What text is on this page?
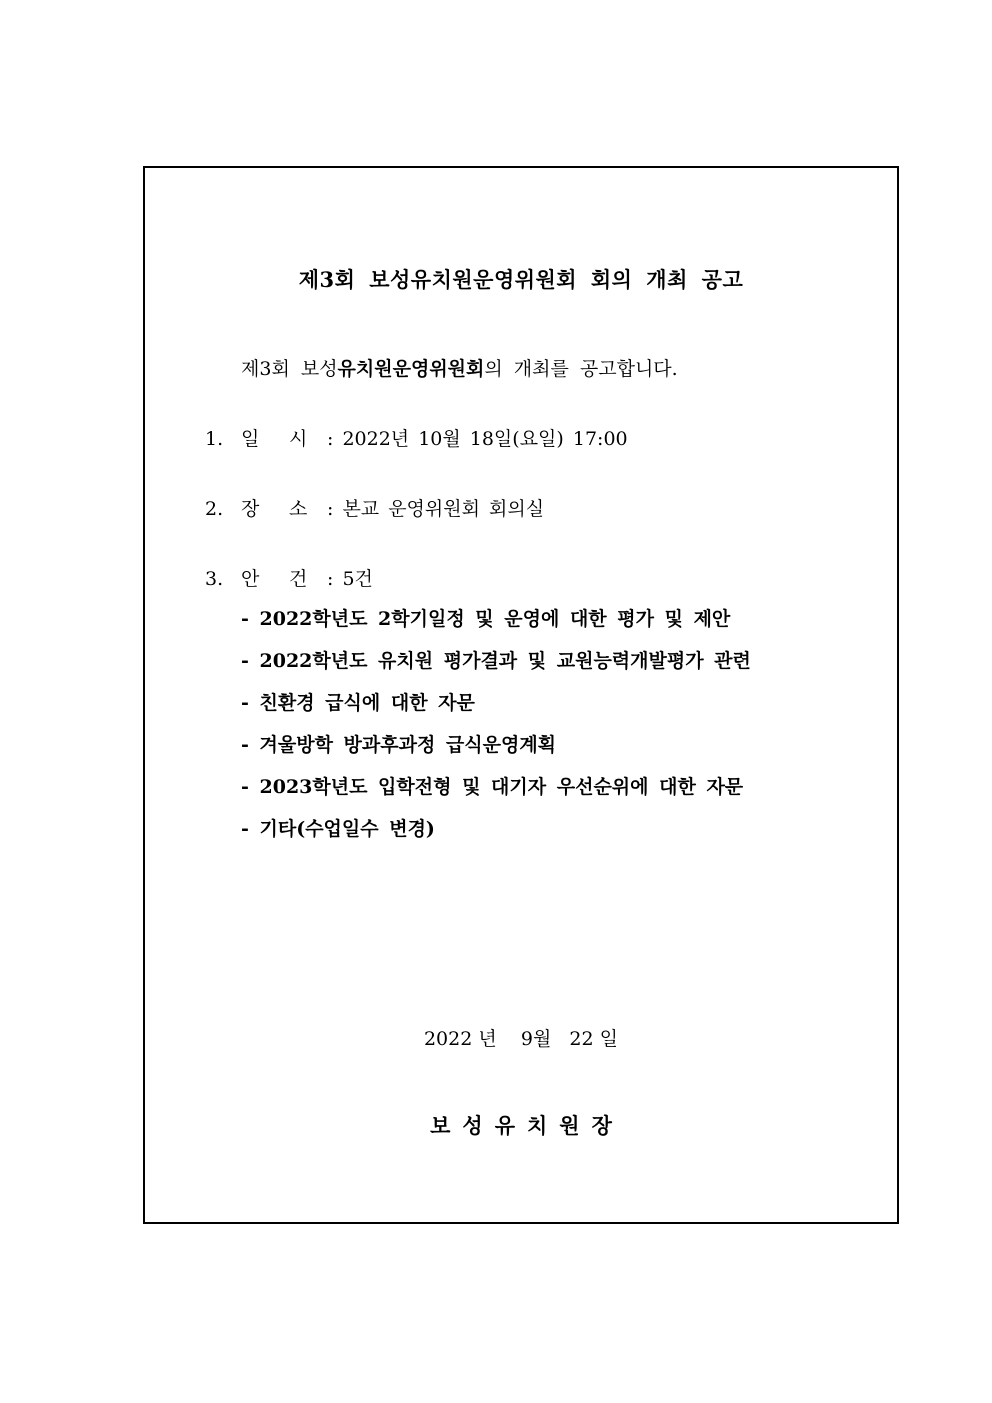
제3회 보성유치원운영위원회 회의 개최 공고
제3회 보성유치원운영위원회의 개최를 공고합니다.
1. 일 시 : 2022년 10월 18일(요일) 17:00
2. 장 소 : 본교 운영위원회 회의실
3. 안 건 : 5건
- 2022학년도 2학기일정 및 운영에 대한 평가 및 제안
- 2022학년도 유치원 평가결과 및 교원능력개발평가 관련
- 친환경 급식에 대한 자문
- 겨울방학 방과후과정 급식운영계획
- 2023학년도 입학전형 및 대기자 우선순위에 대한 자문
- 기타(수업일수 변경)
2022 년    9월   22 일
보성유치원장
